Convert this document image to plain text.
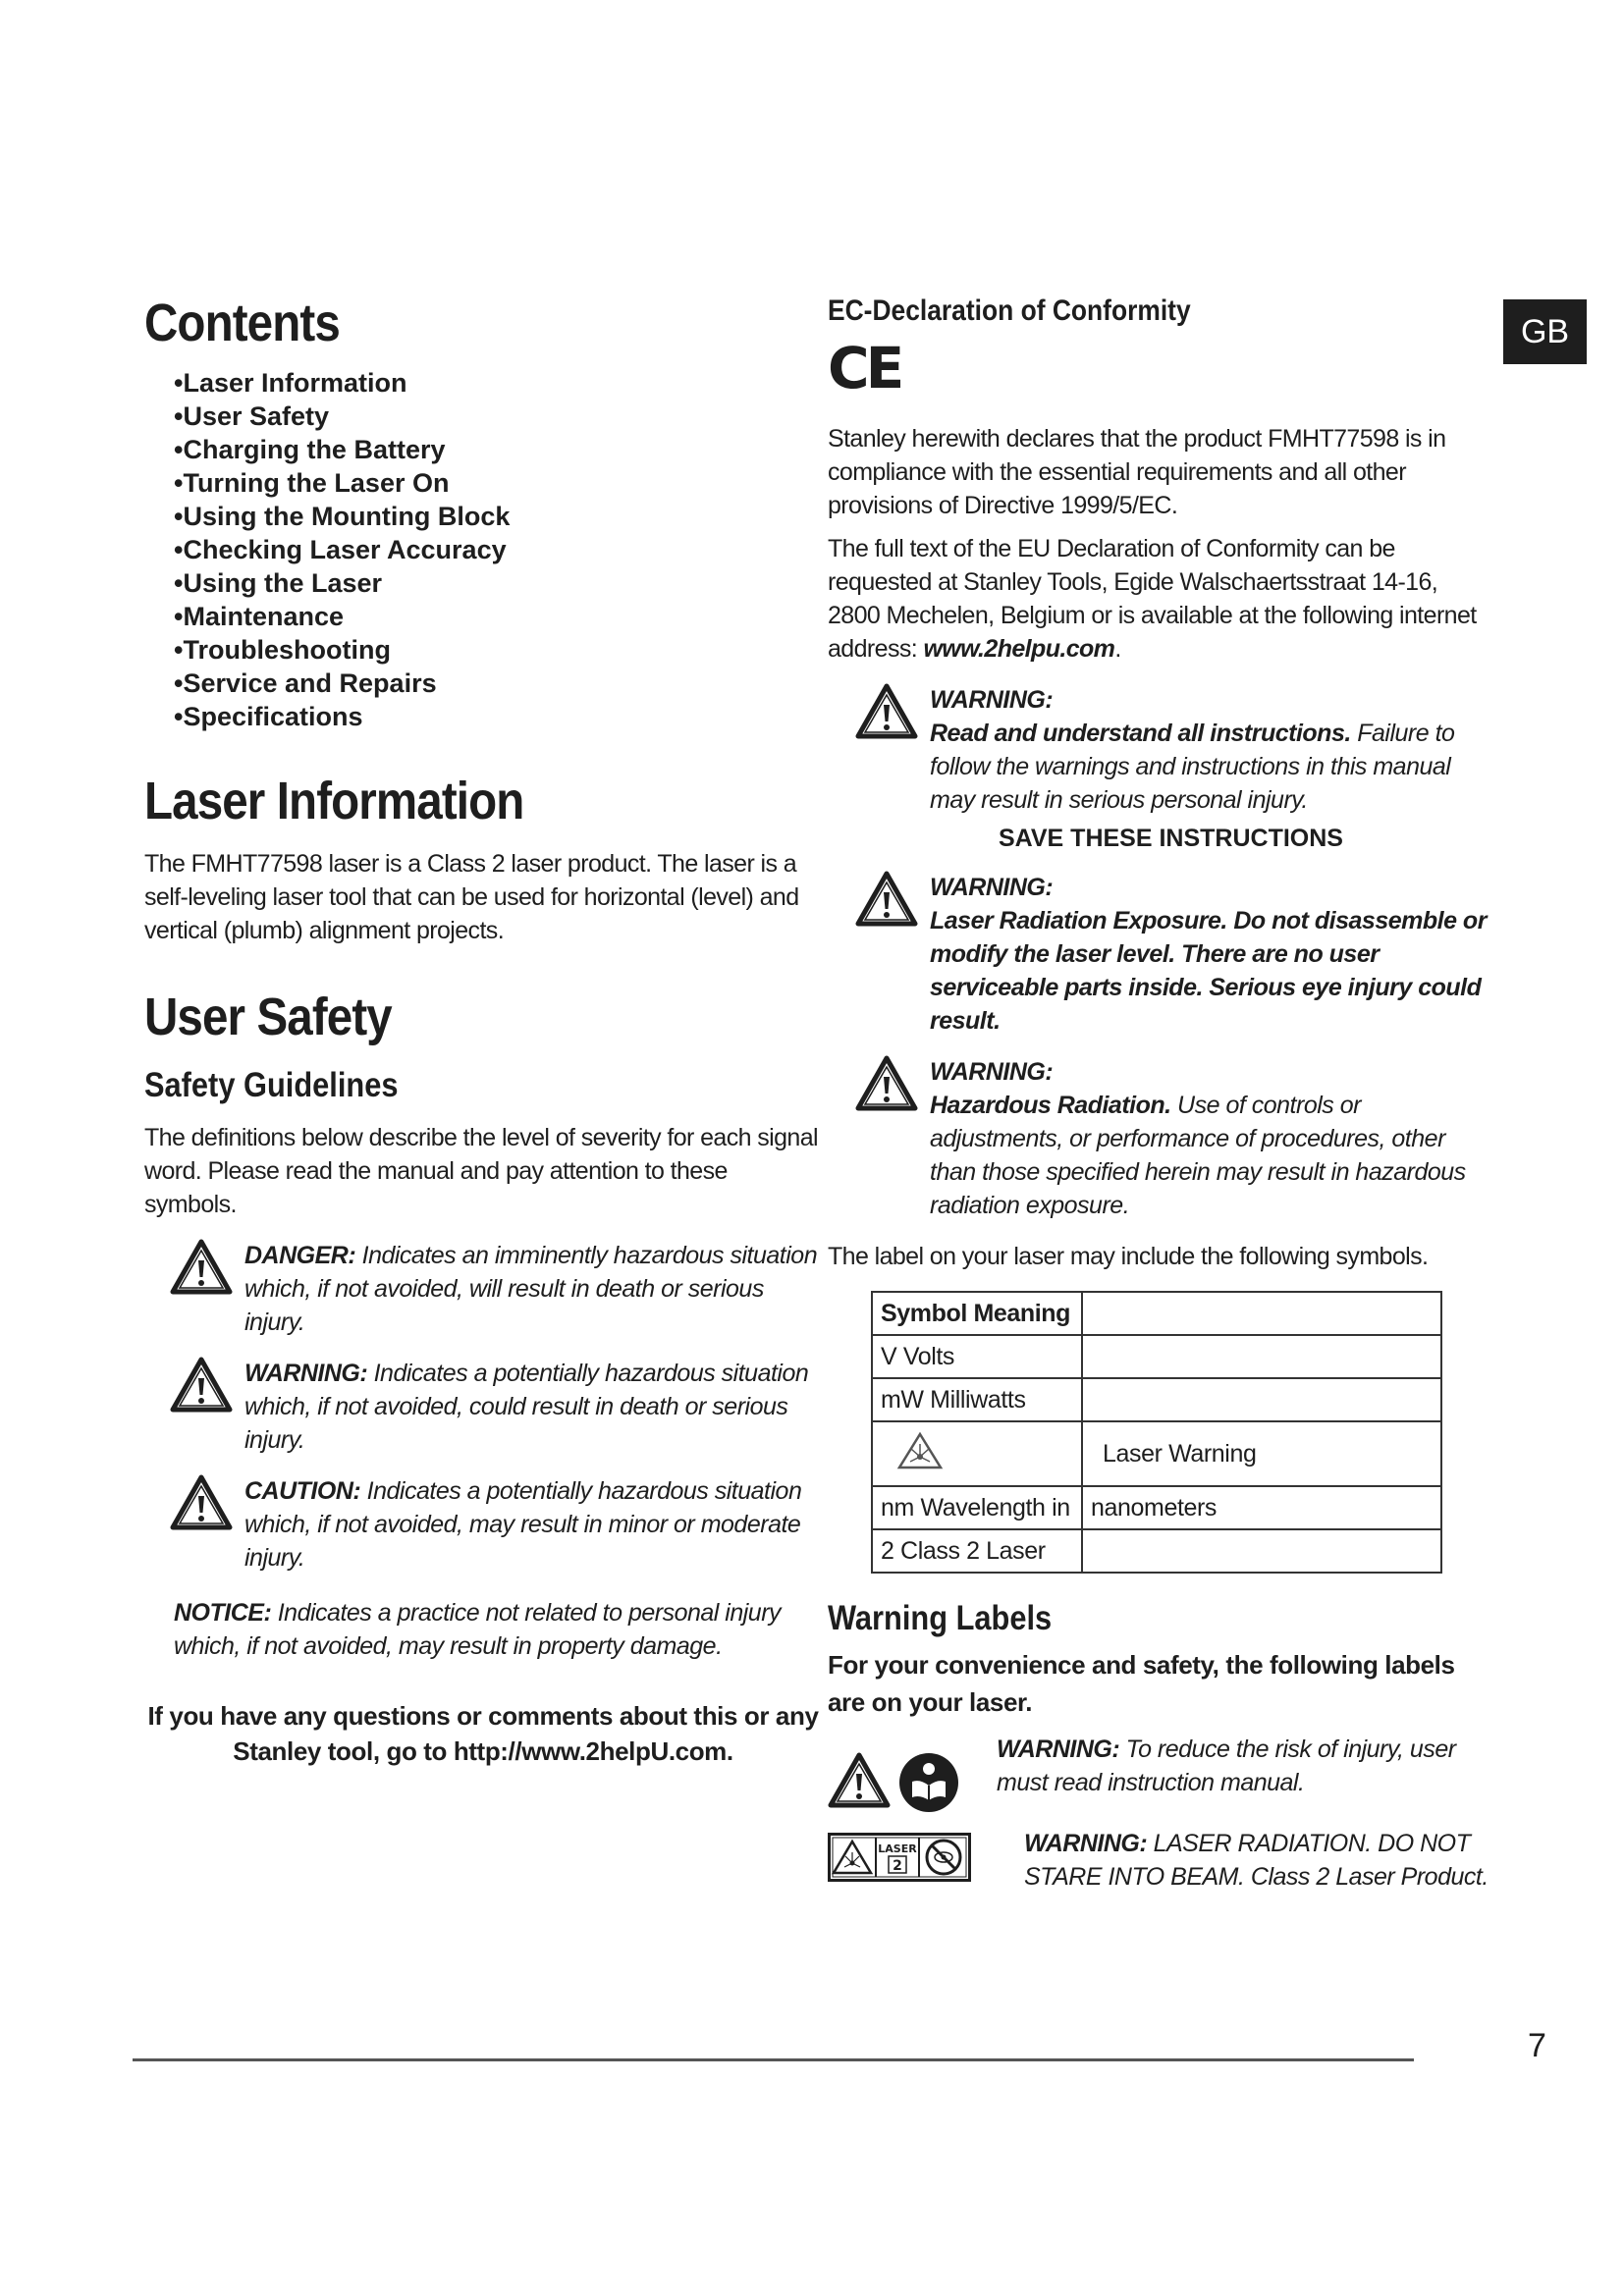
GB
Contents
• Laser Information
• User Safety
• Charging the Battery
• Turning the Laser On
• Using the Mounting Block
• Checking Laser Accuracy
• Using the Laser
• Maintenance
• Troubleshooting
• Service and Repairs
• Specifications
Laser Information

The FMHT77598 laser is a Class 2 laser product. The laser is a self-leveling laser tool that can be used for horizontal (level) and vertical (plumb) alignment projects.

User Safety
Safety Guidelines

The definitions below describe the level of severity for each signal word. Please read the manual and pay attention to these symbols.

DANGER: Indicates an imminently hazardous situation which, if not avoided, will result in death or serious injury.
WARNING: Indicates a potentially hazardous situation which, if not avoided, could result in death or serious injury.
CAUTION: Indicates a potentially hazardous situation which, if not avoided, may result in minor or moderate injury.
NOTICE: Indicates a practice not related to personal injury which, if not avoided, may result in property damage.
If you have any questions or comments about this or any Stanley tool, go to http://www.2helpU.com.
EC-Declaration of Conformity
CE

Stanley herewith declares that the product FMHT77598 is in compliance with the essential requirements and all other provisions of Directive 1999/5/EC.

The full text of the EU Declaration of Conformity can be requested at Stanley Tools, Egide Walschaertsstraat 14-16, 2800 Mechelen, Belgium or is available at the following internet address: www.2helpu.com.

WARNING:
Read and understand all instructions. Failure to follow the warnings and instructions in this manual may result in serious personal injury.
SAVE THESE INSTRUCTIONS
WARNING:
Laser Radiation Exposure. Do not disassemble or modify the laser level. There are no user serviceable parts inside. Serious eye injury could result.
WARNING:
Hazardous Radiation. Use of controls or adjustments, or performance of procedures, other than those specified herein may result in hazardous radiation exposure.

The label on your laser may include the following symbols.

Symbol Meaning	
V Volts	
mW Milliwatts	
	Laser Warning
nm Wavelength in	nanometers
2 Class 2 Laser	
Warning Labels
For your convenience and safety, the following labels are on your laser.
WARNING: To reduce the risk of injury, user must read instruction manual.
LASER
2
WARNING: LASER RADIATION. DO NOT STARE INTO BEAM. Class 2 Laser Product.
7
